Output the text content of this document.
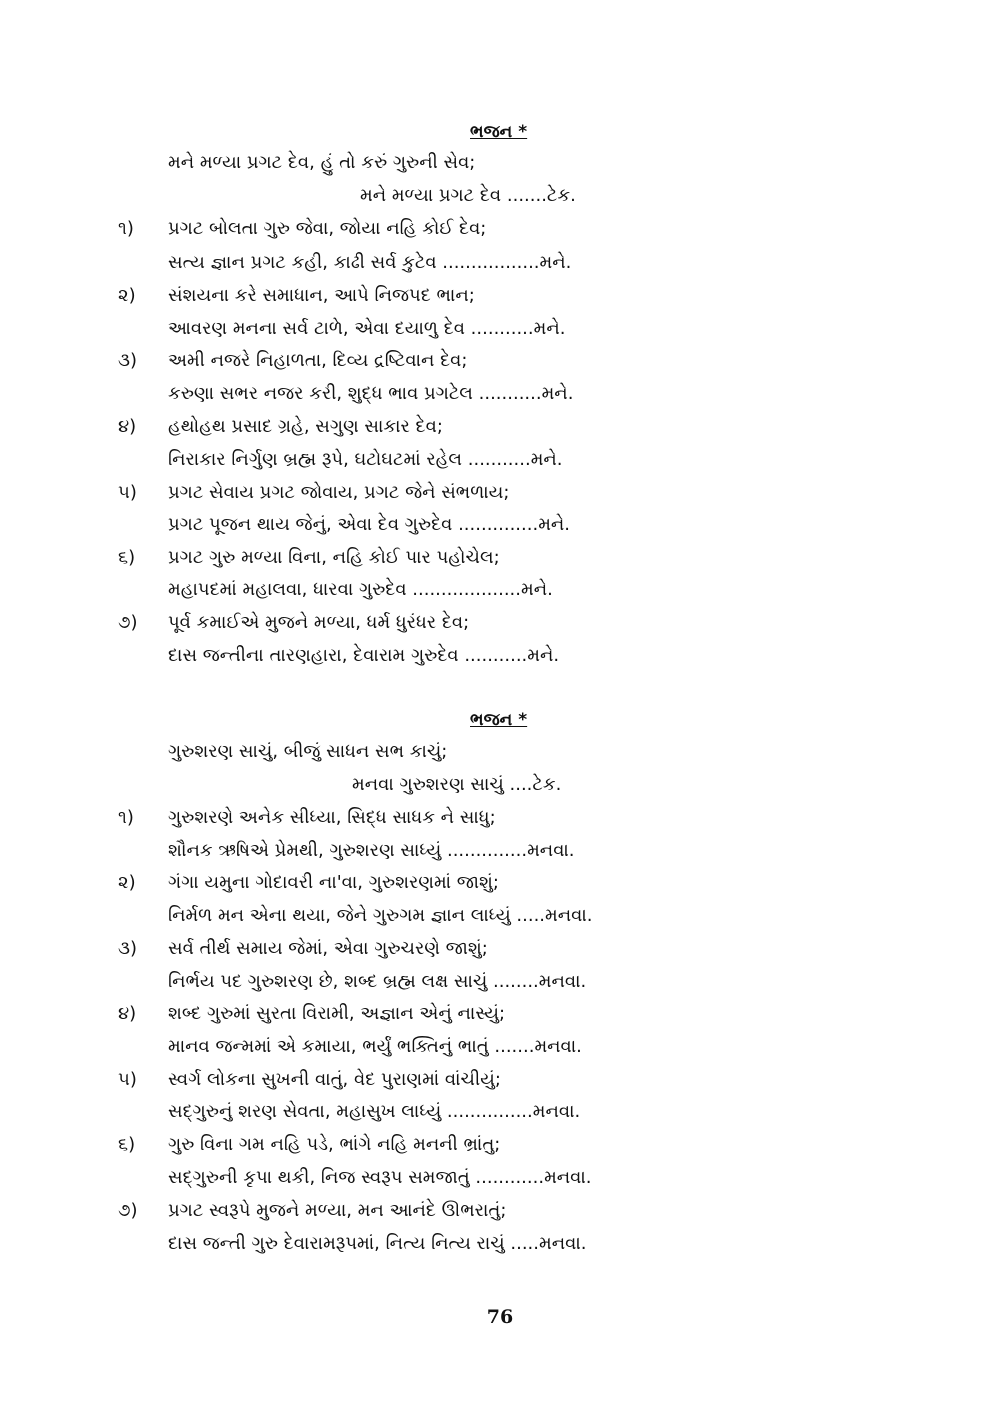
ભજન *
મને મળ્યા પ્રગટ દેવ, હું તો કરું ગુરુની સેવ;
મને મળ્યા પ્રગટ દેવ .......ટેક.
૧) પ્રગટ બોલતા ગુરુ જેવા, જોયા નહિ કોઈ દેવ;
સત્ય જ્ઞાન પ્રગટ કહી, કાઢી સર્વ કુટેવ .................મને.
૨) સંશયના કરે સમાધાન, આપે નિજપદ ભાન;
આવરણ મનના સર્વ ટાળે, એવા દયાળુ દેવ ...........મને.
૩) અમી નજરે નિહાળતા, દિવ્ય દ્રષ્ટિવાન દેવ;
કરુણા સભર નજર કરી, શુદ્ધ ભાવ પ્રગટેલ ...........મને.
૪) હથોહથ પ્રસાદ ગ્રહે, સગુણ સાકાર દેવ;
નિરાકાર નિર્ગુણ બ્રહ્મ રૂપે, ઘટોઘટમાં રહેલ ...........મને.
૫) પ્રગટ સેવાય પ્રગટ જોવાય, પ્રગટ જેને સંભળાય;
પ્રગટ પૂજન થાય જેનું, એવા દેવ ગુરુદેવ ..............મને.
૬) પ્રગટ ગુરુ મળ્યા વિના, નહિ કોઈ પાર પહોચેલ;
મહાપદમાં મહાલવા, ધારવા ગુરુદેવ ...................મને.
૭) પૂર્વ કમાઈએ મુજને મળ્યા, ધર્મ ધુરંધર દેવ;
દાસ જન્તીના તારણહારા, દેવારામ ગુરુદેવ ...........મને.
ભજન *
ગુરુશરણ સાચું, બીજું સાધન સભ કાચું;
મનવા ગુરુશરણ સાચું ....ટેક.
૧) ગુરુશરણે અનેક સીધ્યા, સિદ્ધ સાધક ને સાધુ;
શૌનક ઋષિએ પ્રેમથી, ગુરુશરણ સાધ્યું ..............મનવા.
૨) ગંગા યમુના ગોદાવરી ના'વા, ગુરુશરણમાં જાશું;
નિર્મળ મન એના થયા, જેને ગુરુગમ જ્ઞાન લાધ્યું .....મનવા.
૩) સર્વ તીર્થ સમાય જેમાં, એવા ગુરુચરણે જાશું;
નિર્ભય પદ ગુરુશરણ છે, શબ્દ બ્રહ્મ લક્ષ સાચું ........મનવા.
૪) શબ્દ ગુરુમાં સુરતા વિરામી, અજ્ઞાન એનું નાસ્યું;
માનવ જન્મમાં એ કમાયા, ભર્યું ભક્તિનું ભાતું .......મનવા.
૫) સ્વર્ગ લોકના સુખની વાતું, વેદ પુરાણમાં વાંચીયું;
સદ્ગુરુનું શરણ સેવતા, મહાસુખ લાધ્યું ...............મનવા.
૬) ગુરુ વિના ગમ નહિ પડે, ભાંગે નહિ મનની ભ્રાંતુ;
સદ્ગુરુની કૃપા થકી, નિજ સ્વરૂપ સમજાતું ............મનવા.
૭) પ્રગટ સ્વરૂપે મુજને મળ્યા, મન આનંદે ઊભરાતું;
દાસ જન્તી ગુરુ દેવારામરૂપમાં, નિત્ય નિત્ય રાચું .....મનવા.
76
